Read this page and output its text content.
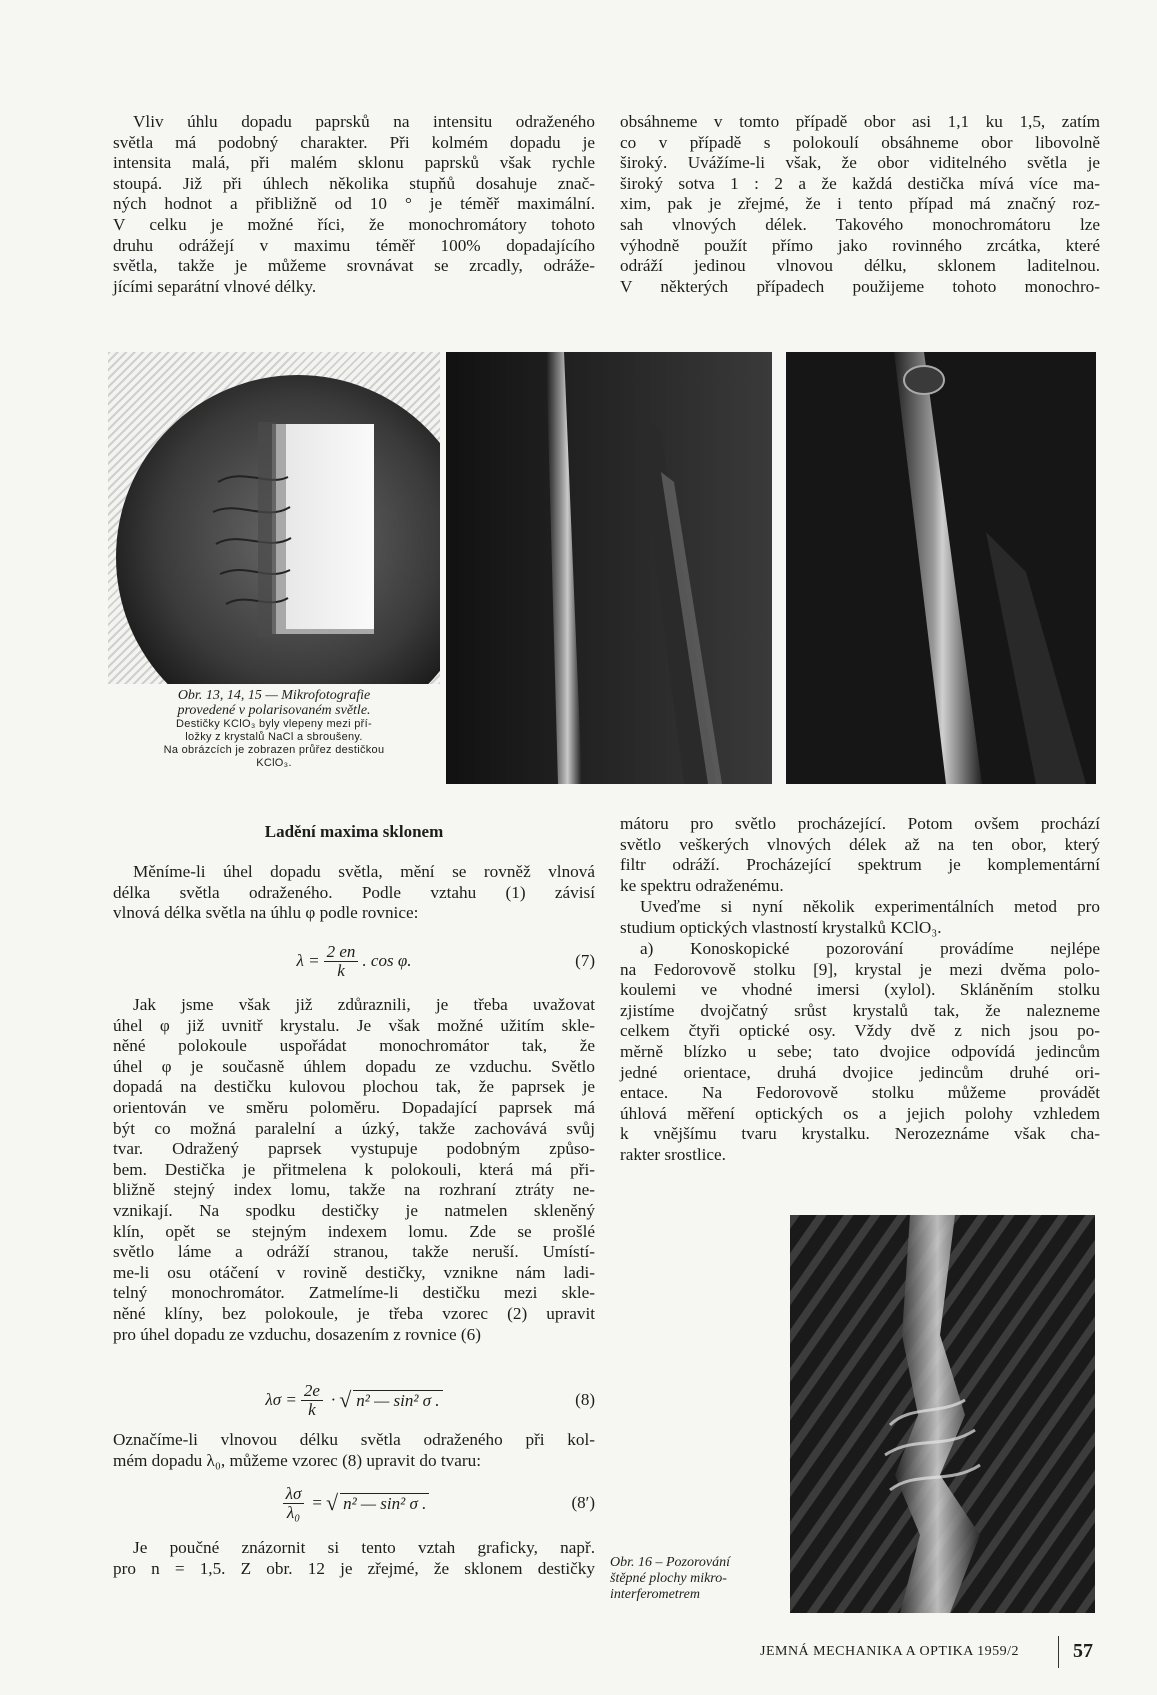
Vliv úhlu dopadu paprsků na intensitu odraženého
světla má podobný charakter. Při kolmém dopadu je
intensita malá, při malém sklonu paprsků však rychle
stoupá. Již při úhlech několika stupňů dosahuje znač-
ných hodnot a přibližně od 10 ° je téměř maximální.
V celku je možné říci, že monochromátory tohoto
druhu odrážejí v maximu téměř 100% dopadajícího
světla, takže je můžeme srovnávat se zrcadly, odráže-
jícími separátní vlnové délky.
obsáhneme v tomto případě obor asi 1,1 ku 1,5, zatím
co v případě s polokoulí obsáhneme obor libovolně
široký. Uvážíme-li však, že obor viditelného světla je
široký sotva 1 : 2 a že každá destička mívá více ma-
xim, pak je zřejmé, že i tento případ má značný roz-
sah vlnových délek. Takového monochromátoru lze
výhodně použít přímo jako rovinného zrcátka, které
odráží jedinou vlnovou délku, sklonem laditelnou.
V některých případech použijeme tohoto monochro-
Obr. 13, 14, 15 — Mikrofotografie
provedené v polarisovaném světle.
Destičky KClO₃ byly vlepeny mezi pří-
ložky z krystalů NaCl a sbroušeny.
Na obrázcích je zobrazen průřez destičkou
KClO₃.
Ladění maxima sklonem
Měníme-li úhel dopadu světla, mění se rovněž vlnová
délka světla odraženého. Podle vztahu (1) závisí
vlnová délka světla na úhlu φ podle rovnice:
$\lambda = \frac{2 en}{k}$ . cos φ.	(7)
Jak jsme však již zdůraznili, je třeba uvažovat
úhel φ již uvnitř krystalu. Je však možné užitím skle-
něné polokoule uspořádat monochromátor tak, že
úhel φ je současně úhlem dopadu ze vzduchu. Světlo
dopadá na destičku kulovou plochou tak, že paprsek je
orientován ve směru poloměru. Dopadající paprsek má
být co možná paralelní a úzký, takže zachovává svůj
tvar. Odražený paprsek vystupuje podobným způso-
bem. Destička je přitmelena k polokouli, která má při-
bližně stejný index lomu, takže na rozhraní ztráty ne-
vznikají. Na spodku destičky je natmelen skleněný
klín, opět se stejným indexem lomu. Zde se prošlé
světlo láme a odráží stranou, takže neruší. Umístí-
me-li osu otáčení v rovině destičky, vznikne nám ladi-
telný monochromátor. Zatmelíme-li destičku mezi skle-
něné klíny, bez polokoule, je třeba vzorec (2) upravit
pro úhel dopadu ze vzduchu, dosazením z rovnice (6)
$\lambda\sigma = \frac{2e}{k}$ · √ n² — sin² σ .	(8)
Označíme-li vlnovou délku světla odraženého při kol-
mém dopadu λ₀, můžeme vzorec (8) upravit do tvaru:
$\frac{\lambda\sigma}{\text{λ₀}}$ = √ n² — sin² σ .	(8′)
Je poučné znázornit si tento vztah graficky, např.
pro n = 1,5. Z obr. 12 je zřejmé, že sklonem destičky
mátoru pro světlo procházející. Potom ovšem prochází
světlo veškerých vlnových délek až na ten obor, který
filtr odráží. Procházející spektrum je komplementární
ke spektru odraženému.
Uveďme si nyní několik experimentálních metod pro
studium optických vlastností krystalků KClO₃.
a) Konoskopické pozorování provádíme nejlépe
na Fedorovově stolku [9], krystal je mezi dvěma polo-
koulemi ve vhodné imersi (xylol). Skláněním stolku
zjistíme dvojčatný srůst krystalů tak, že nalezneme
celkem čtyři optické osy. Vždy dvě z nich jsou po-
měrně blízko u sebe; tato dvojice odpovídá jedincům
jedné orientace, druhá dvojice jedincům druhé ori-
entace. Na Fedorovově stolku můžeme provádět
úhlová měření optických os a jejich polohy vzhledem
k vnějšímu tvaru krystalku. Nerozeznáme však cha-
rakter srostlice.
Obr. 16 – Pozorování
štěpné plochy mikro-
interferometrem
JEMNÁ MECHANIKA A OPTIKA 1959/2	57
